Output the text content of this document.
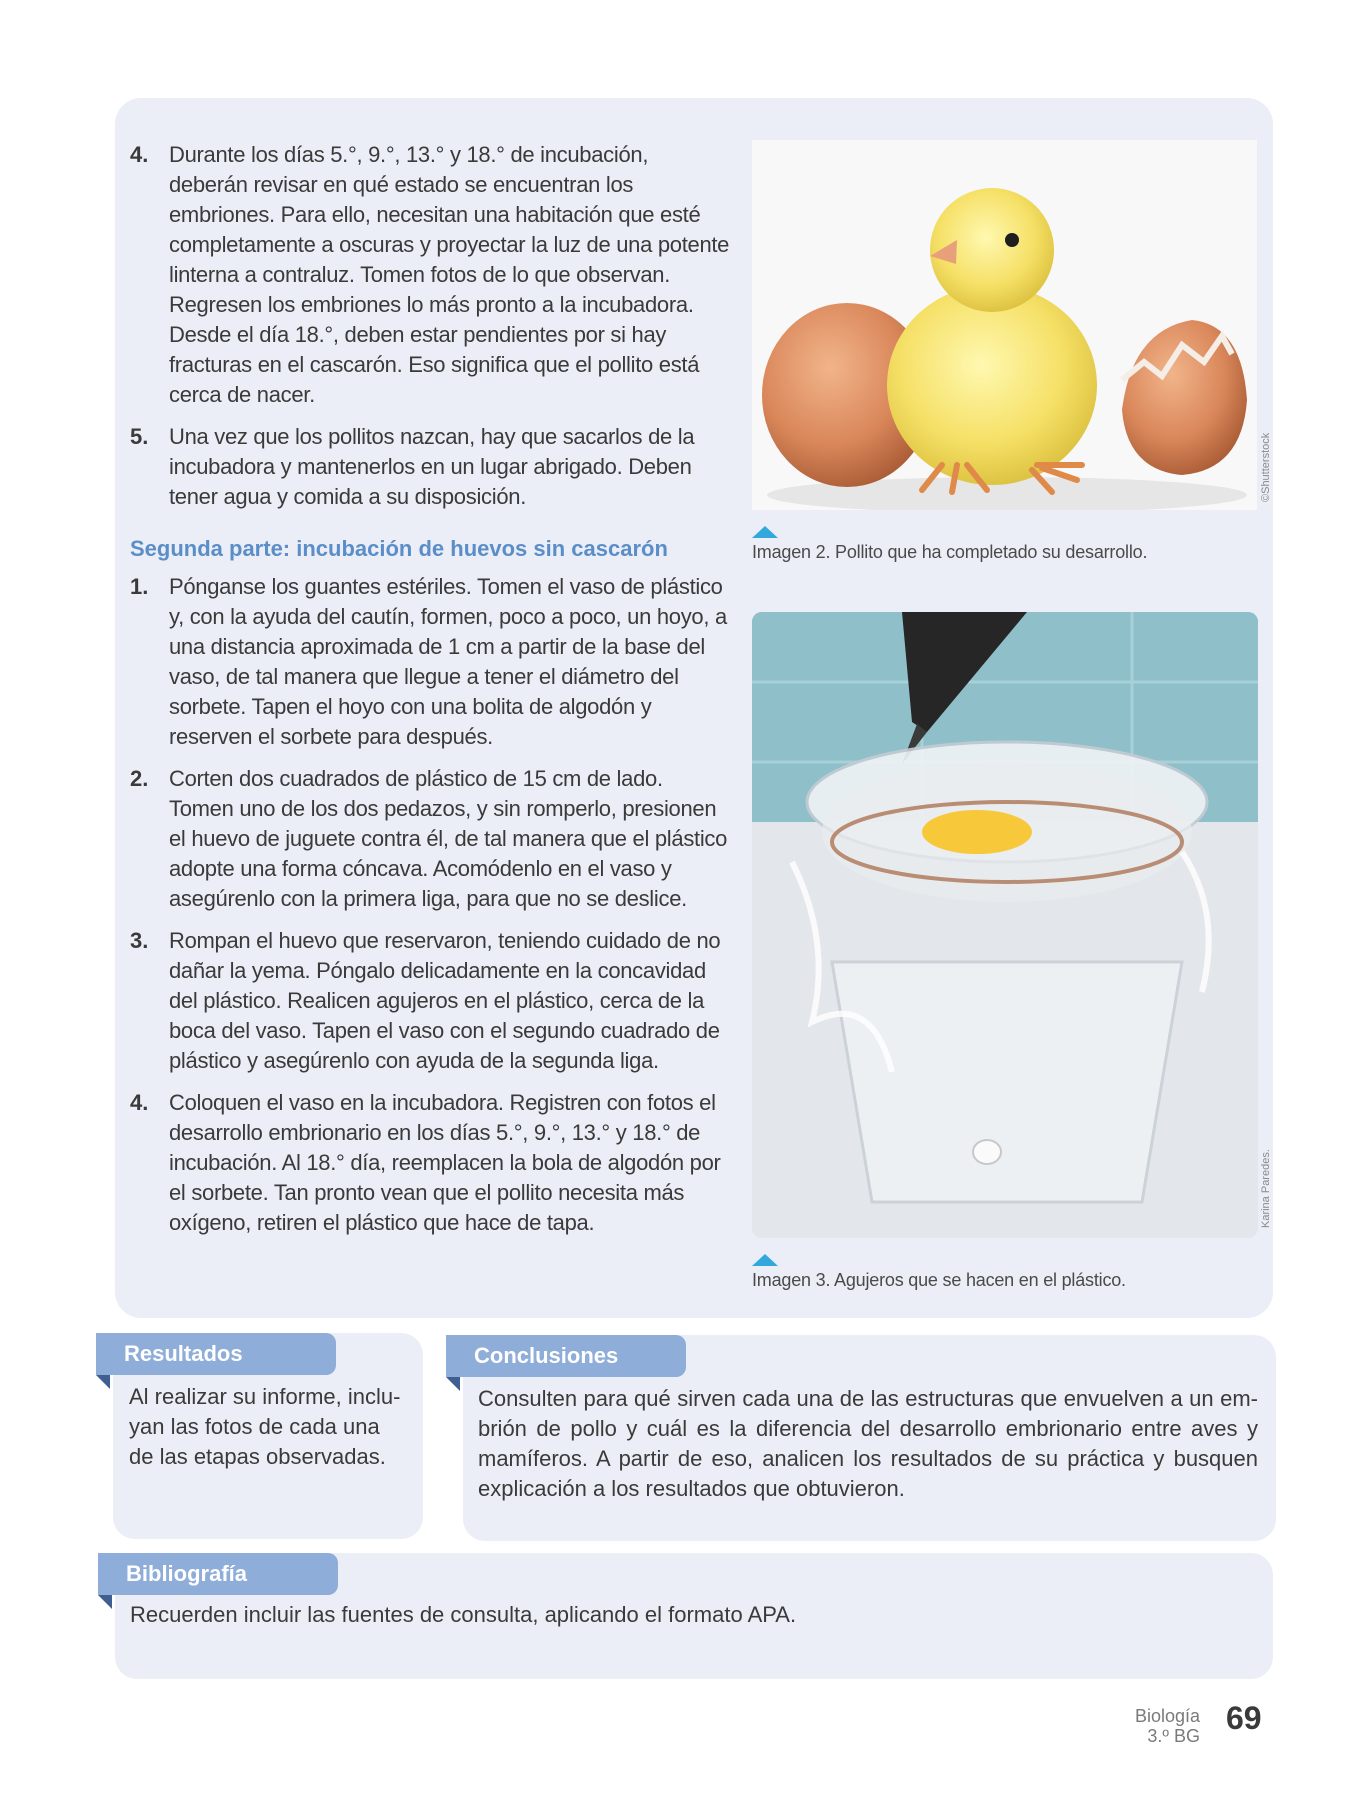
4. Durante los días 5.°, 9.°, 13.° y 18.° de incubación, deberán revisar en qué estado se encuentran los embriones. Para ello, necesitan una habitación que esté completamente a oscuras y proyectar la luz de una potente linterna a contraluz. Tomen fotos de lo que observan. Regresen los embriones lo más pronto a la incubadora. Desde el día 18.°, deben estar pendientes por si hay fracturas en el cascarón. Eso significa que el pollito está cerca de nacer.
5. Una vez que los pollitos nazcan, hay que sacarlos de la incubadora y mantenerlos en un lugar abrigado. Deben tener agua y comida a su disposición.
Segunda parte: incubación de huevos sin cascarón
1. Pónganse los guantes estériles. Tomen el vaso de plástico y, con la ayuda del cautín, formen, poco a poco, un hoyo, a una distancia aproximada de 1 cm a partir de la base del vaso, de tal manera que llegue a tener el diámetro del sorbete. Tapen el hoyo con una bolita de algodón y reserven el sorbete para después.
2. Corten dos cuadrados de plástico de 15 cm de lado. Tomen uno de los dos pedazos, y sin romperlo, presionen el huevo de juguete contra él, de tal manera que el plástico adopte una forma cóncava. Acomódenlo en el vaso y asegúrenlo con la primera liga, para que no se deslice.
3. Rompan el huevo que reservaron, teniendo cuidado de no dañar la yema. Póngalo delicadamente en la concavidad del plástico. Realicen agujeros en el plástico, cerca de la boca del vaso. Tapen el vaso con el segundo cuadrado de plástico y asegúrenlo con ayuda de la segunda liga.
4. Coloquen el vaso en la incubadora. Registren con fotos el desarrollo embrionario en los días 5.°, 9.°, 13.° y 18.° de incubación. Al 18.° día, reemplacen la bola de algodón por el sorbete. Tan pronto vean que el pollito necesita más oxígeno, retiren el plástico que hace de tapa.
©Shutterstock
Imagen 2. Pollito que ha completado su desarrollo.
Karina Paredes.
Imagen 3. Agujeros que se hacen en el plástico.
Resultados
Al realizar su informe, inclu- yan las fotos de cada una de las etapas observadas.
Conclusiones
Consulten para qué sirven cada una de las estructuras que envuelven a un em- brión de pollo y cuál es la diferencia del desarrollo embrionario entre aves y mamíferos. A partir de eso, analicen los resultados de su práctica y busquen explicación a los resultados que obtuvieron.
Bibliografía
Recuerden incluir las fuentes de consulta, aplicando el formato APA.
Biología
3.º BG 69
